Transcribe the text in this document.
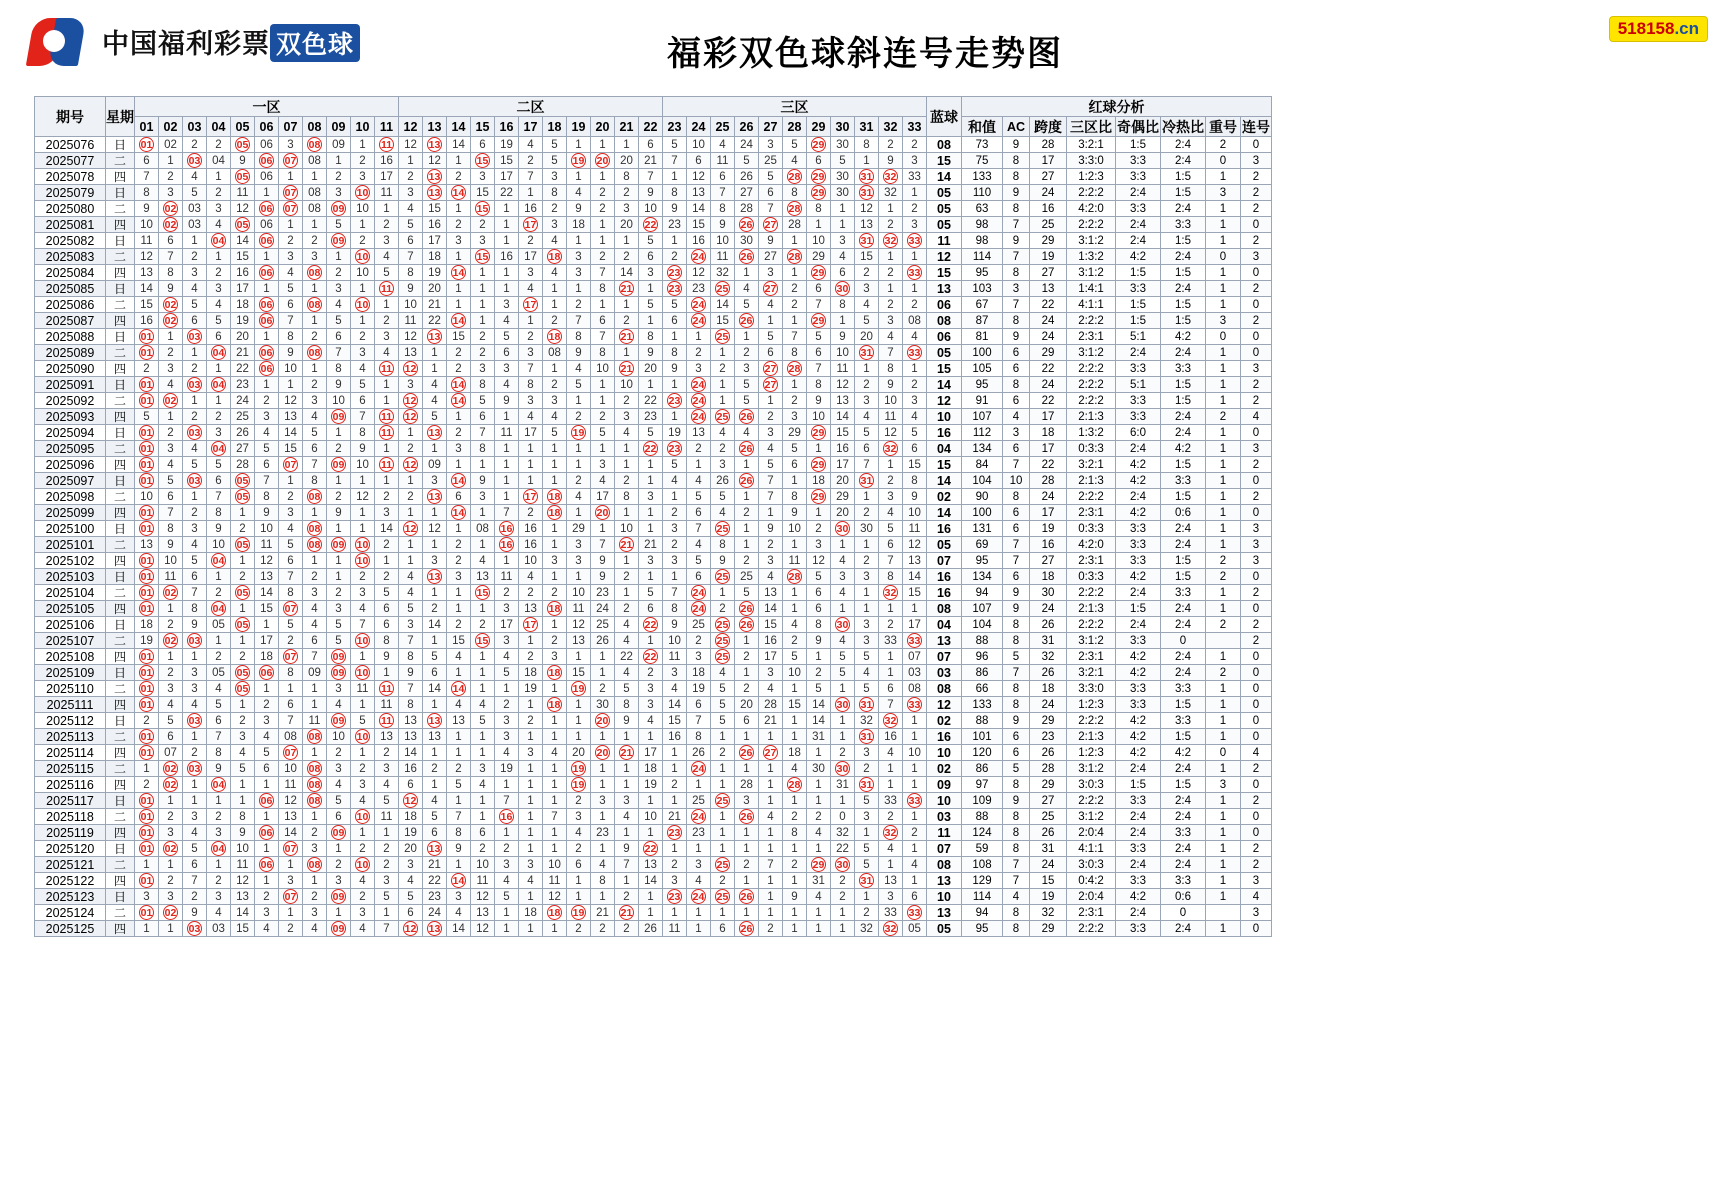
中国福利彩票 双色球	福彩双色球斜连号走势图
518158.cn
期号	星期	一区											二区											三区											蓝球	红球分析							
		01	02	03	04	05	06	07	08	09	10	11	12	13	14	15	16	17	18	19	20	21	22	23	24	25	26	27	28	29	30	31	32	33		和值	AC	跨度	三区比	奇偶比	冷热比	重号	连号
2025076	日	01	02	2	2	05	06	3	08	09	1	11	12	13	14	6	19	4	5	1	1	1	6	5	10	4	24	3	5	29	30	8	2	2	08	73	9	28	3:2:1	1:5	2:4	2	0
2025077	二	6	1	03	04	9	06	07	08	1	2	16	1	12	1	15	15	2	5	19	20	20	21	7	6	11	5	25	4	6	5	1	9	3	15	75	8	17	3:3:0	3:3	2:4	0	3
2025078	四	7	2	4	1	05	06	1	1	2	3	17	2	13	2	3	17	7	3	1	1	8	7	1	12	6	26	5	28	29	30	31	32	33	14	133	8	27	1:2:3	3:3	1:5	1	2
2025079	日	8	3	5	2	11	1	07	08	3	10	11	3	13	14	15	22	1	8	4	2	2	9	8	13	7	27	6	8	29	30	31	32	1	05	110	9	24	2:2:2	2:4	1:5	3	2
2025080	二	9	02	03	3	12	06	07	08	09	10	1	4	15	1	15	1	16	2	9	2	3	10	9	14	8	28	7	28	8	1	12	1	2	05	63	8	16	4:2:0	3:3	2:4	1	2
2025081	四	10	02	03	4	05	06	1	1	5	1	2	5	16	2	2	1	17	3	18	1	20	22	23	15	9	26	27	28	1	1	13	2	3	05	98	7	25	2:2:2	2:4	3:3	1	0
2025082	日	11	6	1	04	14	06	2	2	09	2	3	6	17	3	3	1	2	4	1	1	1	5	1	16	10	30	9	1	10	3	31	32	33	11	98	9	29	3:1:2	2:4	1:5	1	2
2025083	二	12	7	2	1	15	1	3	3	1	10	4	7	18	1	15	16	17	18	3	2	2	6	2	24	11	26	27	28	29	4	15	1	1	12	114	7	19	1:3:2	4:2	2:4	0	3
2025084	四	13	8	3	2	16	06	4	08	2	10	5	8	19	14	1	1	3	4	3	7	14	3	23	12	32	1	3	1	29	6	2	2	33	15	95	8	27	3:1:2	1:5	1:5	1	0
2025085	日	14	9	4	3	17	1	5	1	3	1	11	9	20	1	1	1	4	1	1	8	21	1	23	23	25	4	27	2	6	30	3	1	1	13	103	3	13	1:4:1	3:3	2:4	1	2
2025086	二	15	02	5	4	18	06	6	08	4	10	1	10	21	1	1	3	17	1	2	1	1	5	5	24	14	5	4	2	7	8	4	2	2	06	67	7	22	4:1:1	1:5	1:5	1	0
2025087	四	16	02	6	5	19	06	7	1	5	1	2	11	22	14	1	4	1	2	7	6	2	1	6	24	15	26	1	1	29	1	5	3	08	08	87	8	24	2:2:2	1:5	1:5	3	2
2025088	日	01	1	03	6	20	1	8	2	6	2	3	12	13	15	2	5	2	18	8	7	21	8	1	1	25	1	5	7	5	9	20	4	4	06	81	9	24	2:3:1	5:1	4:2	0	0
2025089	二	01	2	1	04	21	06	9	08	7	3	4	13	1	2	2	6	3	08	9	8	1	9	8	2	1	2	6	8	6	10	31	7	33	05	100	6	29	3:1:2	2:4	2:4	1	0
2025090	四	2	3	2	1	22	06	10	1	8	4	11	12	1	2	3	3	7	1	4	10	21	20	9	3	2	3	27	28	7	11	1	8	1	15	105	6	22	2:2:2	3:3	3:3	1	3
2025091	日	01	4	03	04	23	1	1	2	9	5	1	3	4	14	8	4	8	2	5	1	10	1	1	24	1	5	27	1	8	12	2	9	2	14	95	8	24	2:2:2	5:1	1:5	1	2
2025092	二	01	02	1	1	24	2	12	3	10	6	1	12	4	14	5	9	3	3	1	1	2	22	23	24	1	5	1	2	9	13	3	10	3	12	91	6	22	2:2:2	3:3	1:5	1	2
2025093	四	5	1	2	2	25	3	13	4	09	7	11	12	5	1	6	1	4	4	2	2	3	23	1	24	25	26	2	3	10	14	4	11	4	10	107	4	17	2:1:3	3:3	2:4	2	4
2025094	日	01	2	03	3	26	4	14	5	1	8	11	1	13	2	7	11	17	5	19	5	4	5	19	13	4	4	3	29	29	15	5	12	5	16	112	3	18	1:3:2	6:0	2:4	1	0
2025095	二	01	3	4	04	27	5	15	6	2	9	1	2	1	3	8	1	1	1	1	1	1	22	23	2	2	26	4	5	1	16	6	32	6	04	134	6	17	0:3:3	2:4	4:2	1	3
2025096	四	01	4	5	5	28	6	07	7	09	10	11	12	09	1	1	1	1	1	1	3	1	1	5	1	3	1	5	6	29	17	7	1	15	15	84	7	22	3:2:1	4:2	1:5	1	2
2025097	日	01	5	03	6	05	7	1	8	1	1	1	1	3	14	9	1	1	1	2	4	2	1	4	4	26	26	7	1	18	20	31	2	8	14	104	10	28	2:1:3	4:2	3:3	1	0
2025098	二	10	6	1	7	05	8	2	08	2	12	2	2	13	6	3	1	17	18	4	17	8	3	1	5	5	1	7	8	29	29	1	3	9	02	90	8	24	2:2:2	2:4	1:5	1	2
2025099	四	01	7	2	8	1	9	3	1	9	1	3	1	1	14	1	7	2	18	1	20	1	1	2	6	4	2	1	9	1	20	2	4	10	14	100	6	17	2:3:1	4:2	0:6	1	0
2025100	日	01	8	3	9	2	10	4	08	1	1	14	12	12	1	08	16	16	1	29	1	10	1	3	7	25	1	9	10	2	30	30	5	11	16	131	6	19	0:3:3	3:3	2:4	1	3
2025101	二	13	9	4	10	05	11	5	08	09	10	2	1	1	2	1	16	16	1	3	7	21	21	2	4	8	1	2	1	3	1	1	6	12	05	69	7	16	4:2:0	3:3	2:4	1	3
2025102	四	01	10	5	04	1	12	6	1	1	10	1	1	3	2	4	1	10	3	3	9	1	3	3	5	9	2	3	11	12	4	2	7	13	07	95	7	27	2:3:1	3:3	1:5	2	3
2025103	日	01	11	6	1	2	13	7	2	1	2	2	4	13	3	13	11	4	1	1	9	2	1	1	6	25	25	4	28	5	3	3	8	14	16	134	6	18	0:3:3	4:2	1:5	2	0
2025104	二	01	02	7	2	05	14	8	3	2	3	5	4	1	1	15	2	2	2	10	23	1	5	7	24	1	5	13	1	6	4	1	32	15	16	94	9	30	2:2:2	2:4	3:3	1	2
2025105	四	01	1	8	04	1	15	07	4	3	4	6	5	2	1	1	3	13	18	11	24	2	6	8	24	2	26	14	1	6	1	1	1	1	08	107	9	24	2:1:3	1:5	2:4	1	0
2025106	日	18	2	9	05	05	1	5	4	5	7	6	3	14	2	2	17	17	1	12	25	4	22	9	25	25	26	15	4	8	30	3	2	17	04	104	8	26	2:2:2	2:4	2:4	2	2
2025107	二	19	02	03	1	1	17	2	6	5	10	8	7	1	15	15	3	1	2	13	26	4	1	10	2	25	1	16	2	9	4	3	33	33	13	88	8	31	3:1:2	3:3	0		2
2025108	四	01	1	1	2	2	18	07	7	09	1	9	8	5	4	1	4	2	3	1	1	22	22	11	3	25	2	17	5	1	5	5	1	07	07	96	5	32	2:3:1	4:2	2:4	1	0
2025109	日	01	2	3	05	05	06	8	09	09	10	1	9	6	1	1	5	18	18	15	1	4	2	3	18	4	1	3	10	2	5	4	1	03	03	86	7	26	3:2:1	4:2	2:4	2	0
2025110	二	01	3	3	4	05	1	1	1	3	11	11	7	14	14	1	1	19	1	19	2	5	3	4	19	5	2	4	1	5	1	5	6	08	08	66	8	18	3:3:0	3:3	3:3	1	0
2025111	四	01	4	4	5	1	2	6	1	4	1	11	8	1	4	4	2	1	18	1	30	8	3	14	6	5	20	28	15	14	30	31	7	33	12	133	8	24	1:2:3	3:3	1:5	1	0
2025112	日	2	5	03	6	2	3	7	11	09	5	11	13	13	13	5	3	2	1	1	20	9	4	15	7	5	6	21	1	14	1	32	32	1	02	88	9	29	2:2:2	4:2	3:3	1	0
2025113	二	01	6	1	7	3	4	08	08	10	10	13	13	13	1	1	3	1	1	1	1	1	1	16	8	1	1	1	1	31	1	31	16	1	16	101	6	23	2:1:3	4:2	1:5	1	0
2025114	四	01	07	2	8	4	5	07	1	2	1	2	14	1	1	1	4	3	4	20	20	21	17	1	26	2	26	27	18	1	2	3	4	10	10	120	6	26	1:2:3	4:2	4:2	0	4
2025115	二	1	02	03	9	5	6	10	08	3	2	3	16	2	2	3	19	1	1	19	1	1	18	1	24	1	1	1	4	30	30	2	1	1	02	86	5	28	3:1:2	2:4	2:4	1	2
2025116	四	2	02	1	04	1	1	11	08	4	3	4	6	1	5	4	1	1	1	19	1	1	19	2	1	1	28	1	28	1	31	31	1	1	09	97	8	29	3:0:3	1:5	1:5	3	0
2025117	日	01	1	1	1	1	06	12	08	5	4	5	12	4	1	1	7	1	1	2	3	3	1	1	25	25	3	1	1	1	1	5	33	33	10	109	9	27	2:2:2	3:3	2:4	1	2
2025118	二	01	2	3	2	8	1	13	1	6	10	11	18	5	7	1	16	1	7	3	1	4	10	21	24	1	26	4	2	2	0	3	2	1	03	88	8	25	3:1:2	2:4	2:4	1	0
2025119	四	01	3	4	3	9	06	14	2	09	1	1	19	6	8	6	1	1	1	4	23	1	1	23	23	1	1	1	8	4	32	1	32	2	11	124	8	26	2:0:4	2:4	3:3	1	0
2025120	日	01	02	5	04	10	1	07	3	1	2	2	20	13	9	2	2	1	1	2	1	9	22	1	1	1	1	1	1	1	22	5	4	1	07	59	8	31	4:1:1	3:3	2:4	1	2
2025121	二	1	1	6	1	11	06	1	08	2	10	2	3	21	1	10	3	3	10	6	4	7	13	2	3	25	2	7	2	29	30	5	1	4	08	108	7	24	3:0:3	2:4	2:4	1	2
2025122	四	01	2	7	2	12	1	3	1	3	4	3	4	22	14	11	4	4	11	1	8	1	14	3	4	2	1	1	1	31	2	31	13	1	13	129	7	15	0:4:2	3:3	3:3	1	3
2025123	日	3	3	2	3	13	2	07	2	09	2	5	5	23	3	12	5	1	12	1	1	2	1	23	24	25	26	1	9	4	2	1	3	6	10	114	4	19	2:0:4	4:2	0:6	1	4
2025124	二	01	02	9	4	14	3	1	3	1	3	1	6	24	4	13	1	18	18	19	21	21	1	1	1	1	1	1	1	1	1	2	33	33	13	94	8	32	2:3:1	2:4	0		3
2025125	四	1	1	03	03	15	4	2	4	09	4	7	12	13	14	12	1	1	1	2	2	2	26	11	1	6	26	2	1	1	1	32	32	05	05	95	8	29	2:2:2	3:3	2:4	1	0
